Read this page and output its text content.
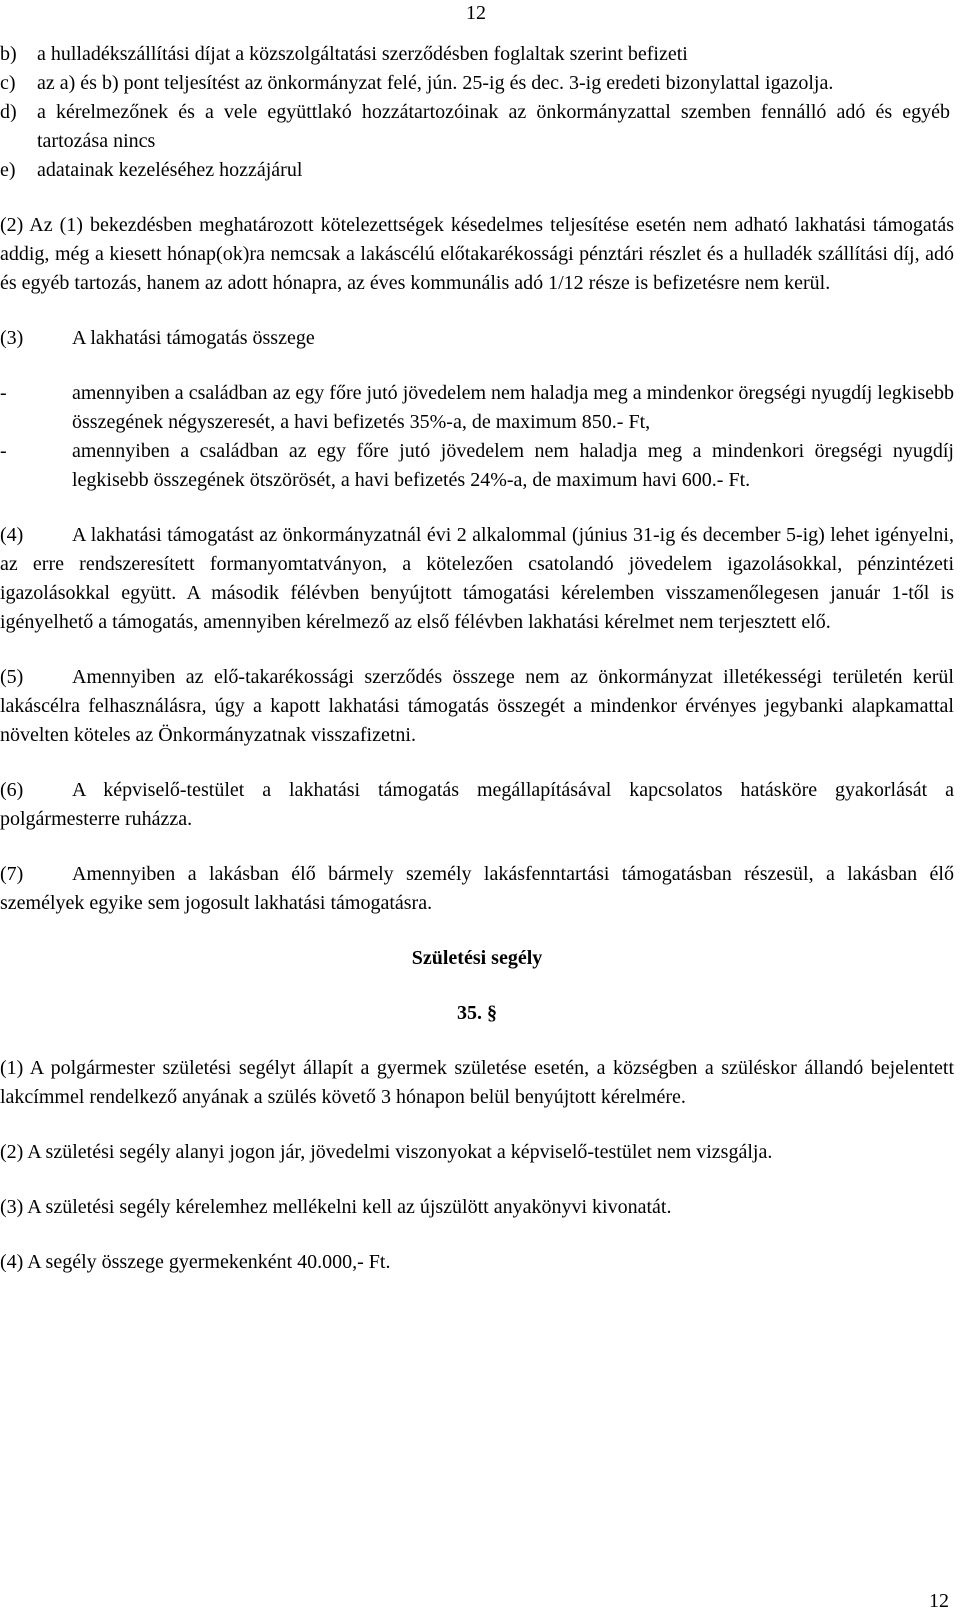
12
b)	a hulladékszállítási díjat a közszolgáltatási szerződésben foglaltak szerint befizeti
c)	az a) és b) pont teljesítést az önkormányzat felé, jún. 25-ig és dec. 3-ig eredeti bizonylattal igazolja.
d)	a kérelmezőnek és a vele együttlakó hozzátartozóinak az önkormányzattal szemben fennálló adó és egyéb tartozása nincs
e)	adatainak kezeléséhez hozzájárul

(2) Az (1) bekezdésben meghatározott kötelezettségek késedelmes teljesítése esetén nem adható lakhatási támogatás addig, még a kiesett hónap(ok)ra nemcsak a lakáscélú előtakarékossági pénztári részlet és a hulladék szállítási díj, adó és egyéb tartozás, hanem az adott hónapra, az éves kommunális adó 1/12 része is befizetésre nem kerül.

(3) A lakhatási támogatás összege

-	amennyiben a családban az egy főre jutó jövedelem nem haladja meg a mindenkor öregségi nyugdíj legkisebb összegének négyszeresét, a havi befizetés 35%-a, de maximum 850.- Ft,
-	amennyiben a családban az egy főre jutó jövedelem nem haladja meg a mindenkori öregségi nyugdíj legkisebb összegének ötszörösét, a havi befizetés 24%-a, de maximum havi 600.- Ft.

(4) A lakhatási támogatást az önkormányzatnál évi 2 alkalommal (június 31-ig és december 5-ig) lehet igényelni, az erre rendszeresített formanyomtatványon, a kötelezően csatolandó jövedelem igazolásokkal, pénzintézeti igazolásokkal együtt. A második félévben benyújtott támogatási kérelemben visszamenőlegesen január 1-től is igényelhető a támogatás, amennyiben kérelmező az első félévben lakhatási kérelmet nem terjesztett elő.

(5) Amennyiben az elő-takarékossági szerződés összege nem az önkormányzat illetékességi területén kerül lakáscélra felhasználásra, úgy a kapott lakhatási támogatás összegét a mindenkor érvényes jegybanki alapkamattal növelten köteles az Önkormányzatnak visszafizetni.

(6) A képviselő-testület a lakhatási támogatás megállapításával kapcsolatos hatásköre gyakorlását a polgármesterre ruházza.

(7) Amennyiben a lakásban élő bármely személy lakásfenntartási támogatásban részesül, a lakásban élő személyek egyike sem jogosult lakhatási támogatásra.

Születési segély
35. §

(1) A polgármester születési segélyt állapít a gyermek születése esetén, a községben a szüléskor állandó bejelentett lakcímmel rendelkező anyának a szülés követő 3 hónapon belül benyújtott kérelmére.

(2) A születési segély alanyi jogon jár, jövedelmi viszonyokat a képviselő-testület nem vizsgálja.

(3) A születési segély kérelemhez mellékelni kell az újszülött anyakönyvi kivonatát.

(4) A segély összege gyermekenként 40.000,- Ft.

12
